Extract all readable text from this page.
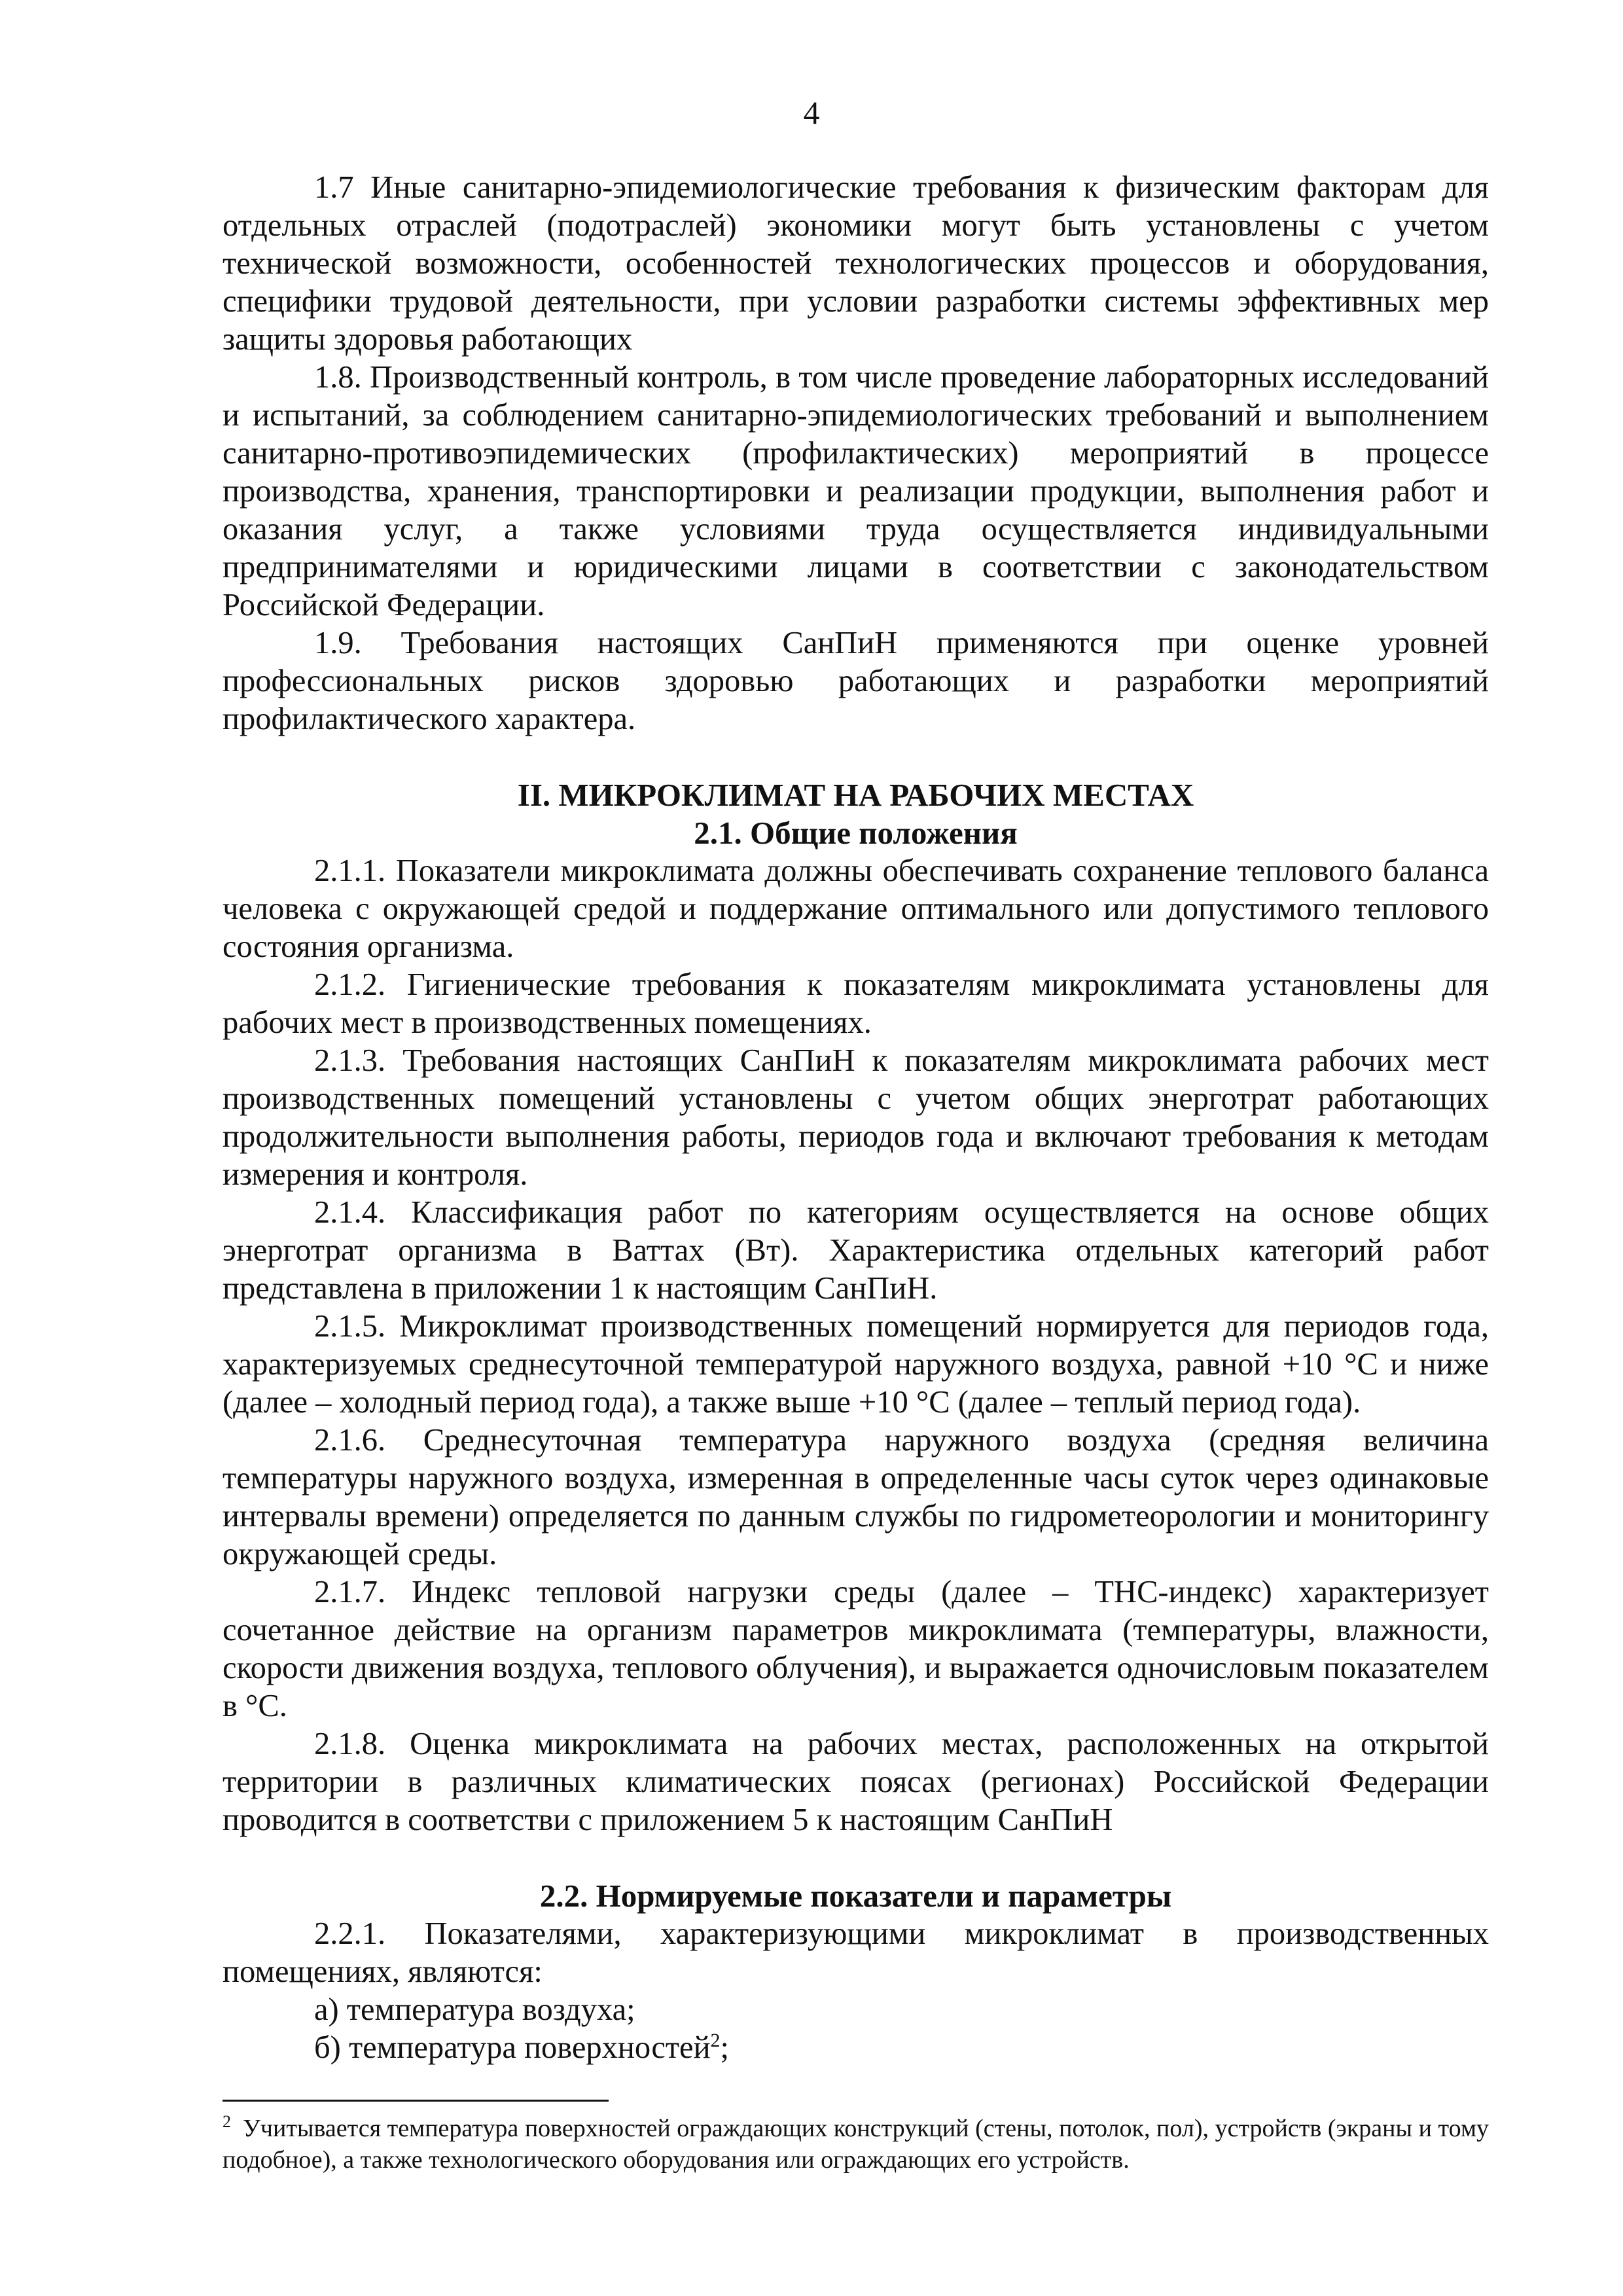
4

1.7 Иные санитарно-эпидемиологические требования к физическим факторам для отдельных отраслей (подотраслей) экономики могут быть установлены с учетом технической возможности, особенностей технологических процессов и оборудования, специфики трудовой деятельности, при условии разработки системы эффективных мер защиты здоровья работающих

1.8. Производственный контроль, в том числе проведение лабораторных исследований и испытаний, за соблюдением санитарно-эпидемиологических требований и выполнением санитарно-противоэпидемических (профилактических) мероприятий в процессе производства, хранения, транспортировки и реализации продукции, выполнения работ и оказания услуг, а также условиями труда осуществляется индивидуальными предпринимателями и юридическими лицами в соответствии с законодательством Российской Федерации.

1.9. Требования настоящих СанПиН применяются при оценке уровней профессиональных рисков здоровью работающих и разработки мероприятий профилактического характера.

II. МИКРОКЛИМАТ НА РАБОЧИХ МЕСТАХ
2.1. Общие положения

2.1.1. Показатели микроклимата должны обеспечивать сохранение теплового баланса человека с окружающей средой и поддержание оптимального или допустимого теплового состояния организма.

2.1.2. Гигиенические требования к показателям микроклимата установлены для рабочих мест в производственных помещениях.

2.1.3. Требования настоящих СанПиН к показателям микроклимата рабочих мест производственных помещений установлены с учетом общих энерготрат работающих продолжительности выполнения работы, периодов года и включают требования к методам измерения и контроля.

2.1.4. Классификация работ по категориям осуществляется на основе общих энерготрат организма в Ваттах (Вт). Характеристика отдельных категорий работ представлена в приложении 1 к настоящим СанПиН.

2.1.5. Микроклимат производственных помещений нормируется для периодов года, характеризуемых среднесуточной температурой наружного воздуха, равной +10 °С и ниже (далее – холодный период года), а также выше +10 °С (далее – теплый период года).

2.1.6. Среднесуточная температура наружного воздуха (средняя величина температуры наружного воздуха, измеренная в определенные часы суток через одинаковые интервалы времени) определяется по данным службы по гидрометеорологии и мониторингу окружающей среды.

2.1.7. Индекс тепловой нагрузки среды (далее – ТНС-индекс) характеризует сочетанное действие на организм параметров микроклимата (температуры, влажности, скорости движения воздуха, теплового облучения), и выражается одночисловым показателем в °С.

2.1.8. Оценка микроклимата на рабочих местах, расположенных на открытой территории в различных климатических поясах (регионах) Российской Федерации проводится в соответстви с приложением 5 к настоящим СанПиН

2.2. Нормируемые показатели и параметры

2.2.1. Показателями, характеризующими микроклимат в производственных помещениях, являются:

а) температура воздуха;

б) температура поверхностей$^2$;

$^2$ Учитывается температура поверхностей ограждающих конструкций (стены, потолок, пол), устройств (экраны и тому подобное), а также технологического оборудования или ограждающих его устройств.
